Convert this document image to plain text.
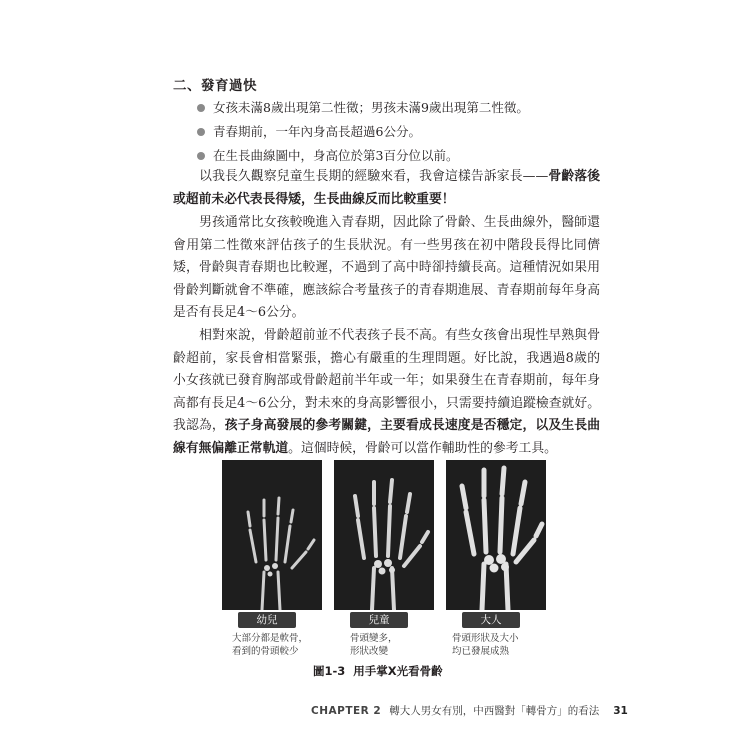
二、發育過快
女孩未滿8歲出現第二性徵；男孩未滿9歲出現第二性徵。
青春期前，一年內身高長超過6公分。
在生長曲線圖中，身高位於第3百分位以前。

以我長久觀察兒童生長期的經驗來看，我會這樣告訴家長——骨齡落後或超前未必代表長得矮，生長曲線反而比較重要！

男孩通常比女孩較晚進入青春期，因此除了骨齡、生長曲線外，醫師還會用第二性徵來評估孩子的生長狀況。有一些男孩在初中階段長得比同儕矮，骨齡與青春期也比較遲，不過到了高中時卻持續長高。這種情況如果用骨齡判斷就會不準確，應該綜合考量孩子的青春期進展、青春期前每年身高是否有長足4～6公分。

相對來說，骨齡超前並不代表孩子長不高。有些女孩會出現性早熟與骨齡超前，家長會相當緊張，擔心有嚴重的生理問題。好比說，我遇過8歲的小女孩就已發育胸部或骨齡超前半年或一年；如果發生在青春期前，每年身高都有長足4～6公分，對未來的身高影響很小，只需要持續追蹤檢查就好。我認為，孩子身高發展的參考關鍵，主要看成長速度是否穩定，以及生長曲線有無偏離正常軌道。這個時候，骨齡可以當作輔助性的參考工具。

幼兒	兒童	大人
大部分都是軟骨，
看到的骨頭較少
骨頭變多，
形狀改變
骨頭形狀及大小
均已發展成熟
圖1-3 用手掌X光看骨齡
CHAPTER 2 轉大人男女有別，中西醫對「轉骨方」的看法 31
